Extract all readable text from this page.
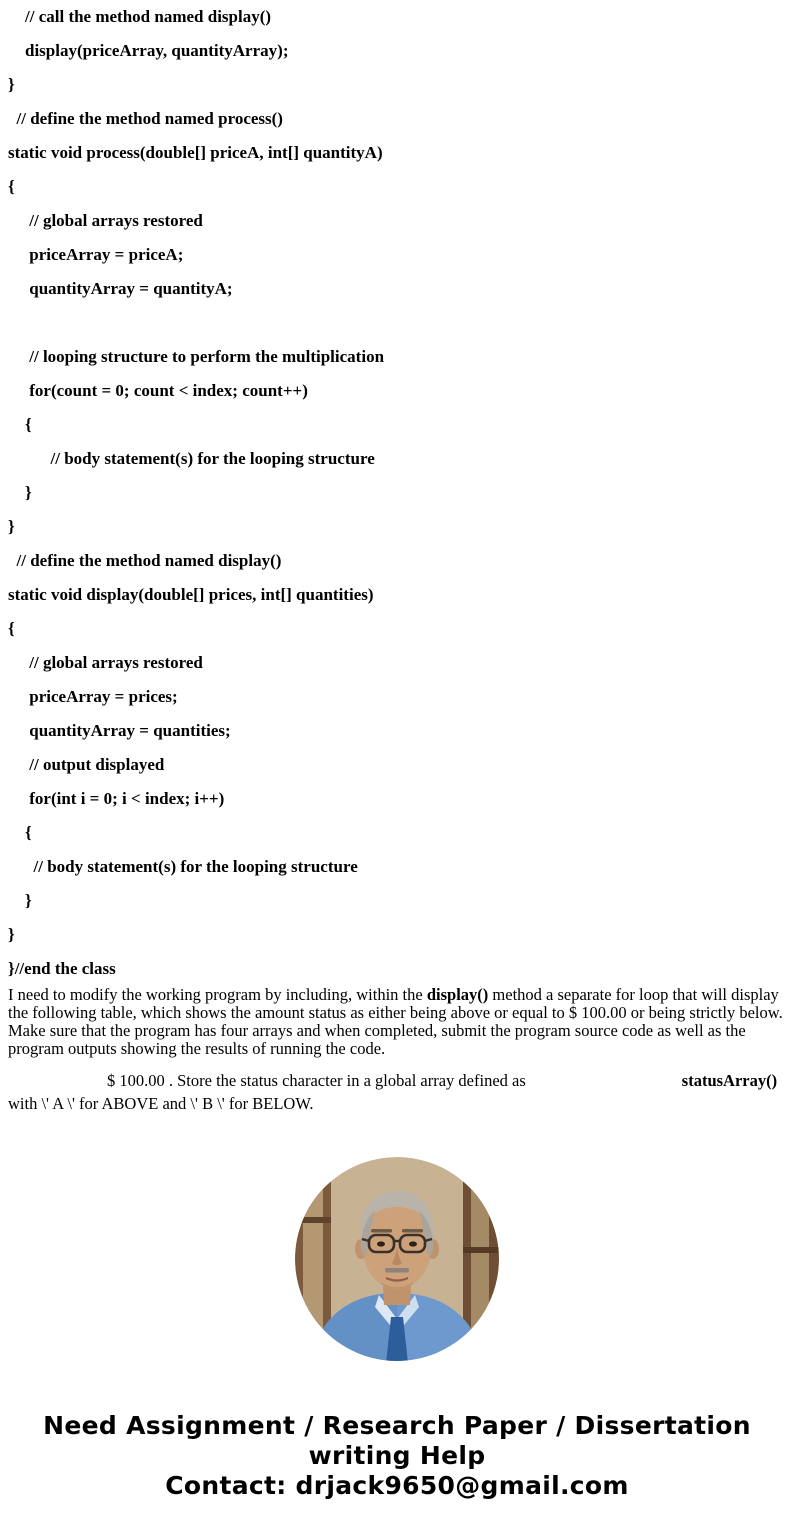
// call the method named display()
display(priceArray, quantityArray);
}
// define the method named process()
static void process(double[] priceA, int[] quantityA)
{
// global arrays restored
priceArray = priceA;
quantityArray = quantityA;
// looping structure to perform the multiplication
for(count = 0; count < index; count++)
{
// body statement(s) for the looping structure
}
}
// define the method named display()
static void display(double[] prices, int[] quantities)
{
// global arrays restored
priceArray = prices;
quantityArray = quantities;
// output displayed
for(int i = 0; i < index; i++)
{
// body statement(s) for the looping structure
}
}
}//end the class
I need to modify the working program by including, within the display() method a separate for loop that will display the following table, which shows the amount status as either being above or equal to $ 100.00 or being strictly below. Make sure that the program has four arrays and when completed, submit the program source code as well as the program outputs showing the results of running the code.
$ 100.00 . Store the status character in a global array defined as	statusArray()
with \' A \' for ABOVE and \' B \' for BELOW.
Need Assignment / Research Paper / Dissertation writing Help
Contact: drjack9650@gmail.com
